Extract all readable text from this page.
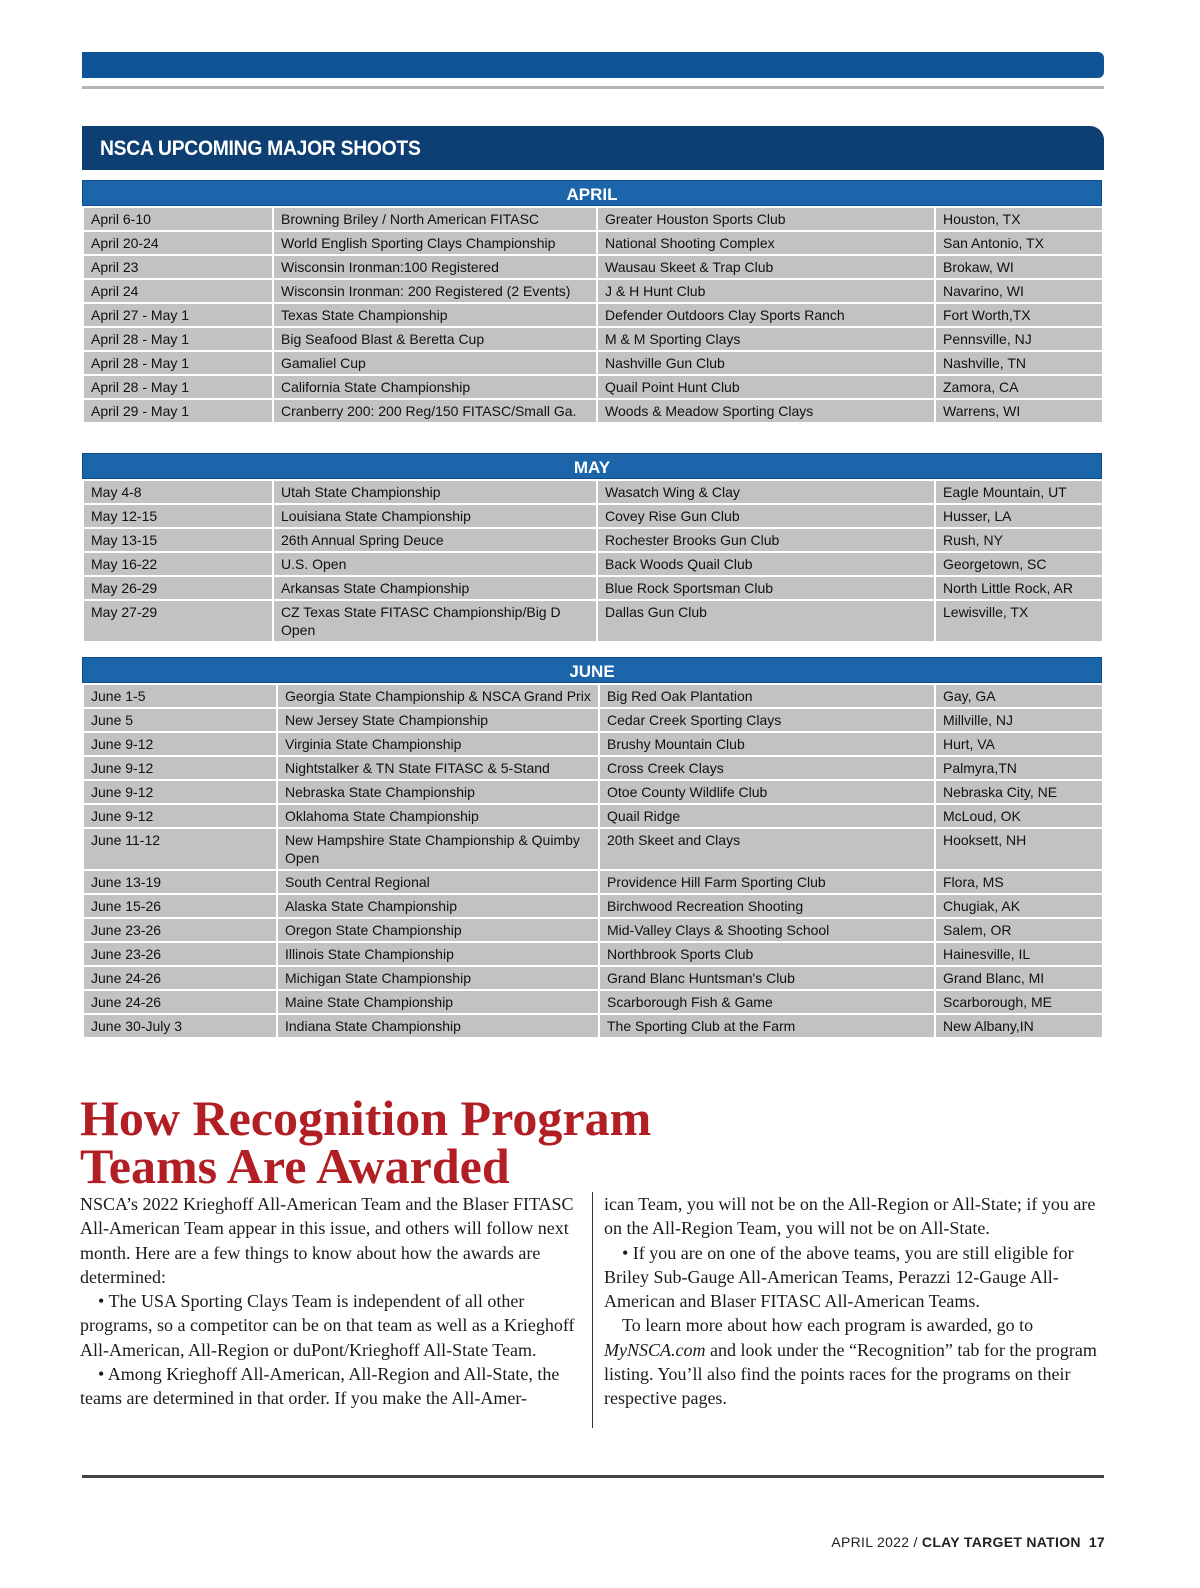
NSCA UPCOMING MAJOR SHOOTS
APRIL
April 6-10	Browning Briley / North American FITASC	Greater Houston Sports Club	Houston, TX
April 20-24	World English Sporting Clays Championship	National Shooting Complex	San Antonio, TX
April 23	Wisconsin Ironman:100 Registered	Wausau Skeet & Trap Club	Brokaw, WI
April 24	Wisconsin Ironman: 200 Registered (2 Events)	J & H Hunt Club	Navarino, WI
April 27 - May 1	Texas State Championship	Defender Outdoors Clay Sports Ranch	Fort Worth,TX
April 28 - May 1	Big Seafood Blast & Beretta Cup	M & M Sporting Clays	Pennsville, NJ
April 28 - May 1	Gamaliel Cup	Nashville Gun Club	Nashville, TN
April 28 - May 1	California State Championship	Quail Point Hunt Club	Zamora, CA
April 29 - May 1	Cranberry 200: 200 Reg/150 FITASC/Small Ga.	Woods & Meadow Sporting Clays	Warrens, WI
MAY
May 4-8	Utah State Championship	Wasatch Wing & Clay	Eagle Mountain, UT
May 12-15	Louisiana State Championship	Covey Rise Gun Club	Husser, LA
May 13-15	26th Annual Spring Deuce	Rochester Brooks Gun Club	Rush, NY
May 16-22	U.S. Open	Back Woods Quail Club	Georgetown, SC
May 26-29	Arkansas State Championship	Blue Rock Sportsman Club	North Little Rock, AR
May 27-29	CZ Texas State FITASC Championship/Big D Open	Dallas Gun Club	Lewisville, TX
JUNE
June 1-5	Georgia State Championship & NSCA Grand Prix	Big Red Oak Plantation	Gay, GA
June 5	New Jersey State Championship	Cedar Creek Sporting Clays	Millville, NJ
June 9-12	Virginia State Championship	Brushy Mountain Club	Hurt, VA
June 9-12	Nightstalker & TN State FITASC & 5-Stand	Cross Creek Clays	Palmyra,TN
June 9-12	Nebraska State Championship	Otoe County Wildlife Club	Nebraska City, NE
June 9-12	Oklahoma State Championship	Quail Ridge	McLoud, OK
June 11-12	New Hampshire State Championship & Quimby Open	20th Skeet and Clays	Hooksett, NH
June 13-19	South Central Regional	Providence Hill Farm Sporting Club	Flora, MS
June 15-26	Alaska State Championship	Birchwood Recreation Shooting	Chugiak, AK
June 23-26	Oregon State Championship	Mid-Valley Clays & Shooting School	Salem, OR
June 23-26	Illinois State Championship	Northbrook Sports Club	Hainesville, IL
June 24-26	Michigan State Championship	Grand Blanc Huntsman's Club	Grand Blanc, MI
June 24-26	Maine State Championship	Scarborough Fish & Game	Scarborough, ME
June 30-July 3	Indiana State Championship	The Sporting Club at the Farm	New Albany,IN
How Recognition Program
Teams Are Awarded

NSCA’s 2022 Krieghoff All-American Team and the Blaser FITASC All-American Team appear in this issue, and others will follow next month. Here are a few things to know about how the awards are determined:

• The USA Sporting Clays Team is independent of all other programs, so a competitor can be on that team as well as a Krieghoff All-American, All-Region or duPont/Krieghoff All-State Team.

• Among Krieghoff All-American, All-Region and All-State, the teams are determined in that order. If you make the All-Amer-

ican Team, you will not be on the All-Region or All-State; if you are on the All-Region Team, you will not be on All-State.

• If you are on one of the above teams, you are still eligible for Briley Sub-Gauge All-American Teams, Perazzi 12-Gauge All-American and Blaser FITASC All-American Teams.

To learn more about how each program is awarded, go to MyNSCA.com and look under the “Recognition” tab for the program listing. You’ll also find the points races for the programs on their respective pages.

APRIL 2022 / CLAY TARGET NATION 17
